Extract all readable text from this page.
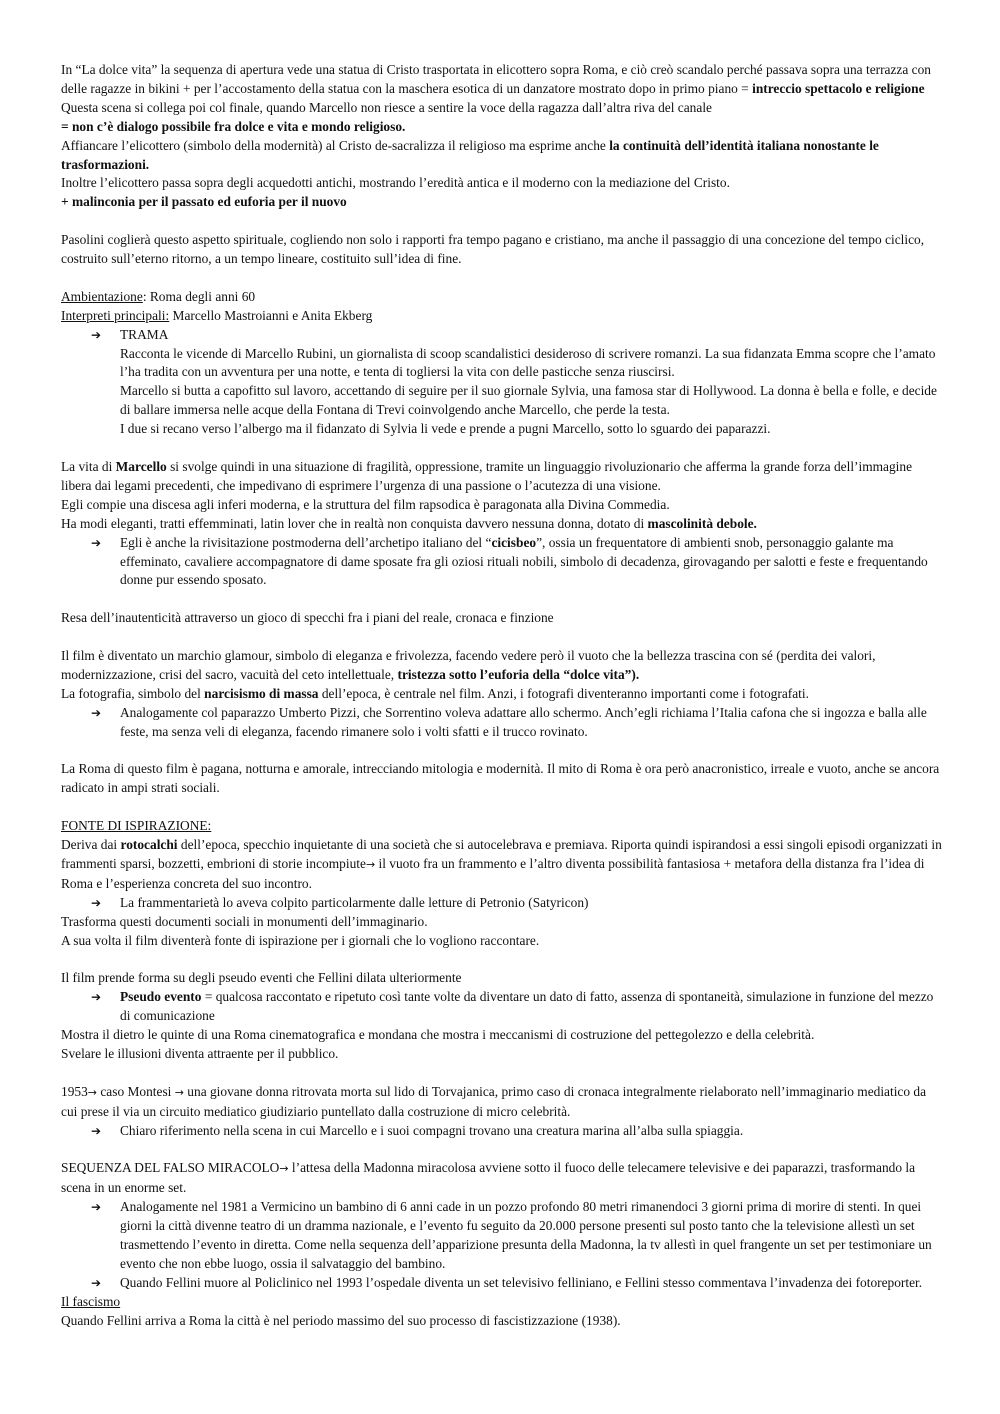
In “La dolce vita” la sequenza di apertura vede una statua di Cristo trasportata in elicottero sopra Roma, e ciò creò scandalo perché passava sopra una terrazza con delle ragazze in bikini + per l’accostamento della statua con la maschera esotica di un danzatore mostrato dopo in primo piano = intreccio spettacolo e religione

Questa scena si collega poi col finale, quando Marcello non riesce a sentire la voce della ragazza dall’altra riva del canale

= non c’è dialogo possibile fra dolce e vita e mondo religioso.

Affiancare l’elicottero (simbolo della modernità) al Cristo de-sacralizza il religioso ma esprime anche la continuità dell’identità italiana nonostante le trasformazioni.

Inoltre l’elicottero passa sopra degli acquedotti antichi, mostrando l’eredità antica e il moderno con la mediazione del Cristo.

+ malinconia per il passato ed euforia per il nuovo

Pasolini coglierà questo aspetto spirituale, cogliendo non solo i rapporti fra tempo pagano e cristiano, ma anche il passaggio di una concezione del tempo ciclico, costruito sull’eterno ritorno, a un tempo lineare, costituito sull’idea di fine.

Ambientazione: Roma degli anni 60

Interpreti principali: Marcello Mastroianni e Anita Ekberg

➔ TRAMA

Racconta le vicende di Marcello Rubini, un giornalista di scoop scandalistici desideroso di scrivere romanzi. La sua fidanzata Emma scopre che l’amato l’ha tradita con un avventura per una notte, e tenta di togliersi la vita con delle pasticche senza riuscirsi.

Marcello si butta a capofitto sul lavoro, accettando di seguire per il suo giornale Sylvia, una famosa star di Hollywood. La donna è bella e folle, e decide di ballare immersa nelle acque della Fontana di Trevi coinvolgendo anche Marcello, che perde la testa.

I due si recano verso l’albergo ma il fidanzato di Sylvia li vede e prende a pugni Marcello, sotto lo sguardo dei paparazzi.

La vita di Marcello si svolge quindi in una situazione di fragilità, oppressione, tramite un linguaggio rivoluzionario che afferma la grande forza dell’immagine libera dai legami precedenti, che impedivano di esprimere l’urgenza di una passione o l’acutezza di una visione.

Egli compie una discesa agli inferi moderna, e la struttura del film rapsodica è paragonata alla Divina Commedia.

Ha modi eleganti, tratti effemminati, latin lover che in realtà non conquista davvero nessuna donna, dotato di mascolinità debole.

➔ Egli è anche la rivisitazione postmoderna dell’archetipo italiano del “cicisbeo”, ossia un frequentatore di ambienti snob, personaggio galante ma effeminato, cavaliere accompagnatore di dame sposate fra gli oziosi rituali nobili, simbolo di decadenza, girovagando per salotti e feste e frequentando donne pur essendo sposato.

Resa dell’inautenticità attraverso un gioco di specchi fra i piani del reale, cronaca e finzione

Il film è diventato un marchio glamour, simbolo di eleganza e frivolezza, facendo vedere però il vuoto che la bellezza trascina con sé (perdita dei valori, modernizzazione, crisi del sacro, vacuità del ceto intellettuale, tristezza sotto l’euforia della “dolce vita”).

La fotografia, simbolo del narcisismo di massa dell’epoca, è centrale nel film. Anzi, i fotografi diventeranno importanti come i fotografati.

➔ Analogamente col paparazzo Umberto Pizzi, che Sorrentino voleva adattare allo schermo. Anch’egli richiama l’Italia cafona che si ingozza e balla alle feste, ma senza veli di eleganza, facendo rimanere solo i volti sfatti e il trucco rovinato.

La Roma di questo film è pagana, notturna e amorale, intrecciando mitologia e modernità. Il mito di Roma è ora però anacronistico, irreale e vuoto, anche se ancora radicato in ampi strati sociali.

FONTE DI ISPIRAZIONE:

Deriva dai rotocalchi dell’epoca, specchio inquietante di una società che si autocelebrava e premiava. Riporta quindi ispirandosi a essi singoli episodi organizzati in frammenti sparsi, bozzetti, embrioni di storie incompiute→ il vuoto fra un frammento e l’altro diventa possibilità fantasiosa + metafora della distanza fra l’idea di Roma e l’esperienza concreta del suo incontro.

➔ La frammentarietà lo aveva colpito particolarmente dalle letture di Petronio (Satyricon)

Trasforma questi documenti sociali in monumenti dell’immaginario.

A sua volta il film diventerà fonte di ispirazione per i giornali che lo vogliono raccontare.

Il film prende forma su degli pseudo eventi che Fellini dilata ulteriormente

➔ Pseudo evento = qualcosa raccontato e ripetuto così tante volte da diventare un dato di fatto, assenza di spontaneità, simulazione in funzione del mezzo di comunicazione

Mostra il dietro le quinte di una Roma cinematografica e mondana che mostra i meccanismi di costruzione del pettegolezzo e della celebrità.

Svelare le illusioni diventa attraente per il pubblico.

1953→ caso Montesi → una giovane donna ritrovata morta sul lido di Torvajanica, primo caso di cronaca integralmente rielaborato nell’immaginario mediatico da cui prese il via un circuito mediatico giudiziario puntellato dalla costruzione di micro celebrità.

➔ Chiaro riferimento nella scena in cui Marcello e i suoi compagni trovano una creatura marina all’alba sulla spiaggia.

SEQUENZA DEL FALSO MIRACOLO→ l’attesa della Madonna miracolosa avviene sotto il fuoco delle telecamere televisive e dei paparazzi, trasformando la scena in un enorme set.

➔ Analogamente nel 1981 a Vermicino un bambino di 6 anni cade in un pozzo profondo 80 metri rimanendoci 3 giorni prima di morire di stenti. In quei giorni la città divenne teatro di un dramma nazionale, e l’evento fu seguito da 20.000 persone presenti sul posto tanto che la televisione allestì un set trasmettendo l’evento in diretta. Come nella sequenza dell’apparizione presunta della Madonna, la tv allestì in quel frangente un set per testimoniare un evento che non ebbe luogo, ossia il salvataggio del bambino.

➔ Quando Fellini muore al Policlinico nel 1993 l’ospedale diventa un set televisivo felliniano, e Fellini stesso commentava l’invadenza dei fotoreporter.

Il fascismo

Quando Fellini arriva a Roma la città è nel periodo massimo del suo processo di fascistizzazione (1938).
